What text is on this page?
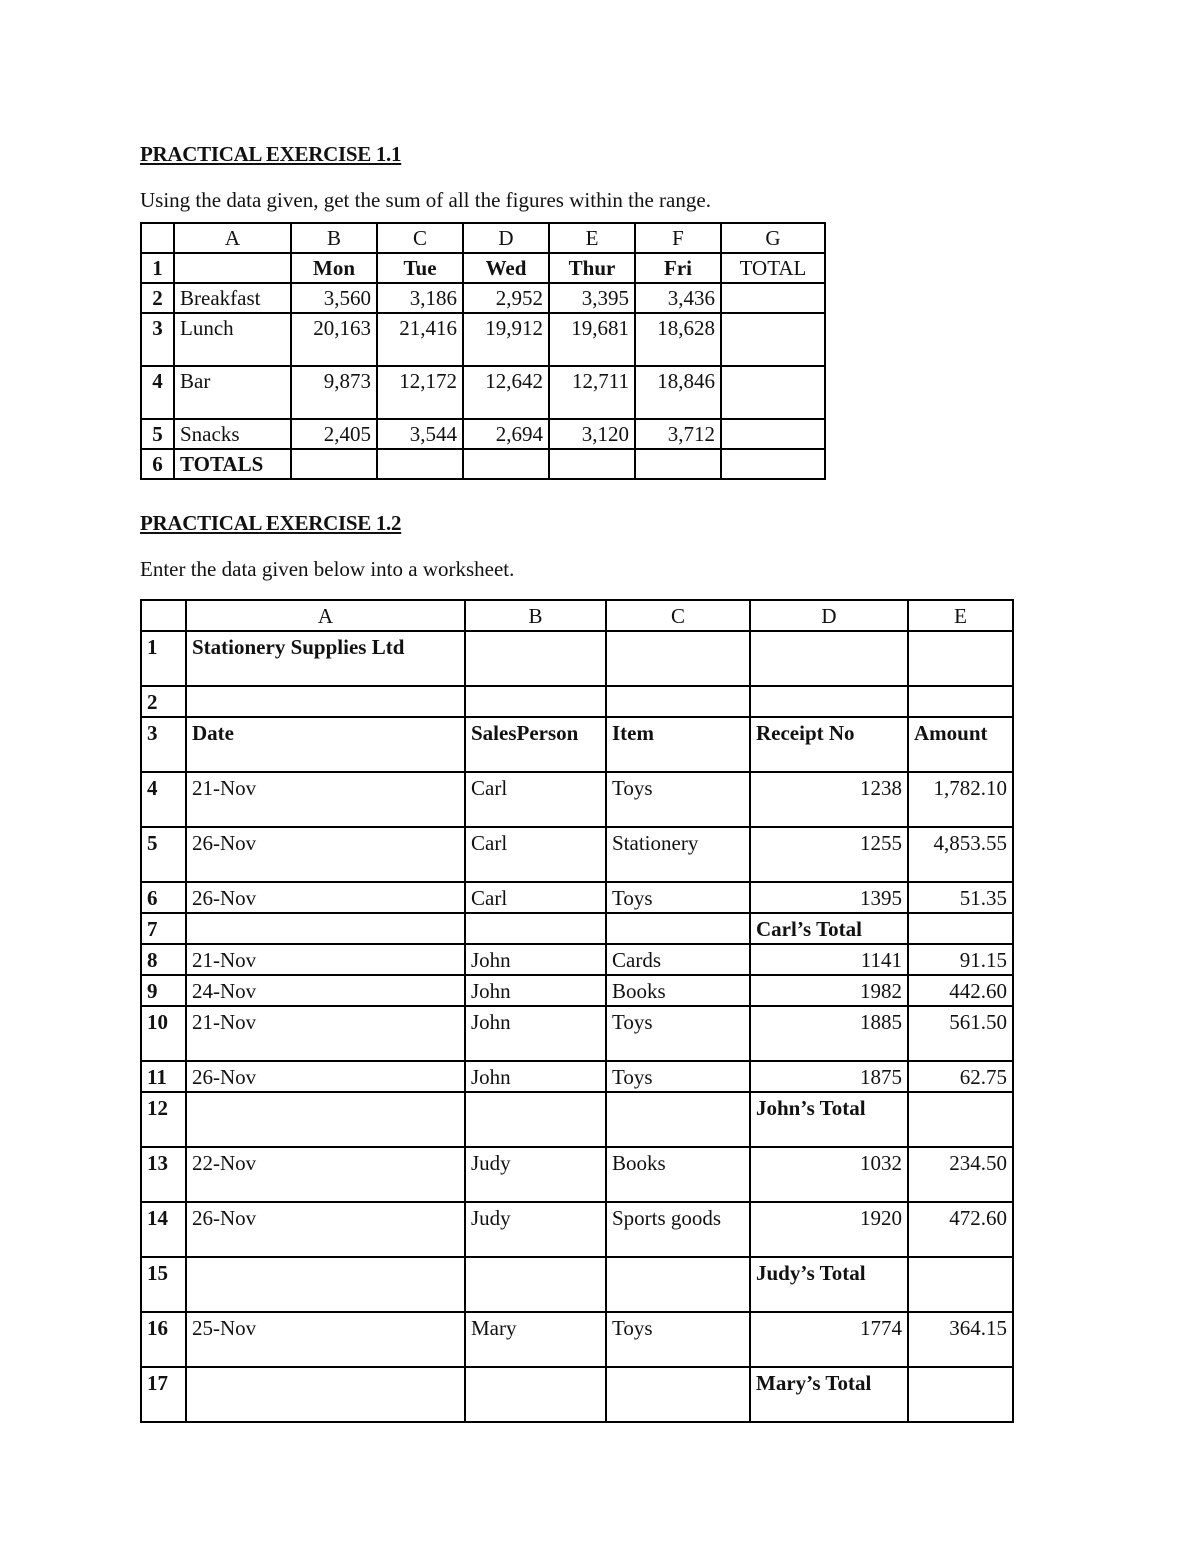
PRACTICAL EXERCISE 1.1

Using the data given, get the sum of all the figures within the range.

	A	B	C	D	E	F	G
1		Mon	Tue	Wed	Thur	Fri	TOTAL
2	Breakfast	3,560	3,186	2,952	3,395	3,436	
3	Lunch	20,163	21,416	19,912	19,681	18,628	
4	Bar	9,873	12,172	12,642	12,711	18,846	
5	Snacks	2,405	3,544	2,694	3,120	3,712	
6	TOTALS						
PRACTICAL EXERCISE 1.2

Enter the data given below into a worksheet.

	A	B	C	D	E
1	Stationery Supplies Ltd				
2					
3	Date	SalesPerson	Item	Receipt No	Amount
4	21-Nov	Carl	Toys	1238	1,782.10
5	26-Nov	Carl	Stationery	1255	4,853.55
6	26-Nov	Carl	Toys	1395	51.35
7				Carl’s Total	
8	21-Nov	John	Cards	1141	91.15
9	24-Nov	John	Books	1982	442.60
10	21-Nov	John	Toys	1885	561.50
11	26-Nov	John	Toys	1875	62.75
12				John’s Total	
13	22-Nov	Judy	Books	1032	234.50
14	26-Nov	Judy	Sports goods	1920	472.60
15				Judy’s Total	
16	25-Nov	Mary	Toys	1774	364.15
17				Mary’s Total	
